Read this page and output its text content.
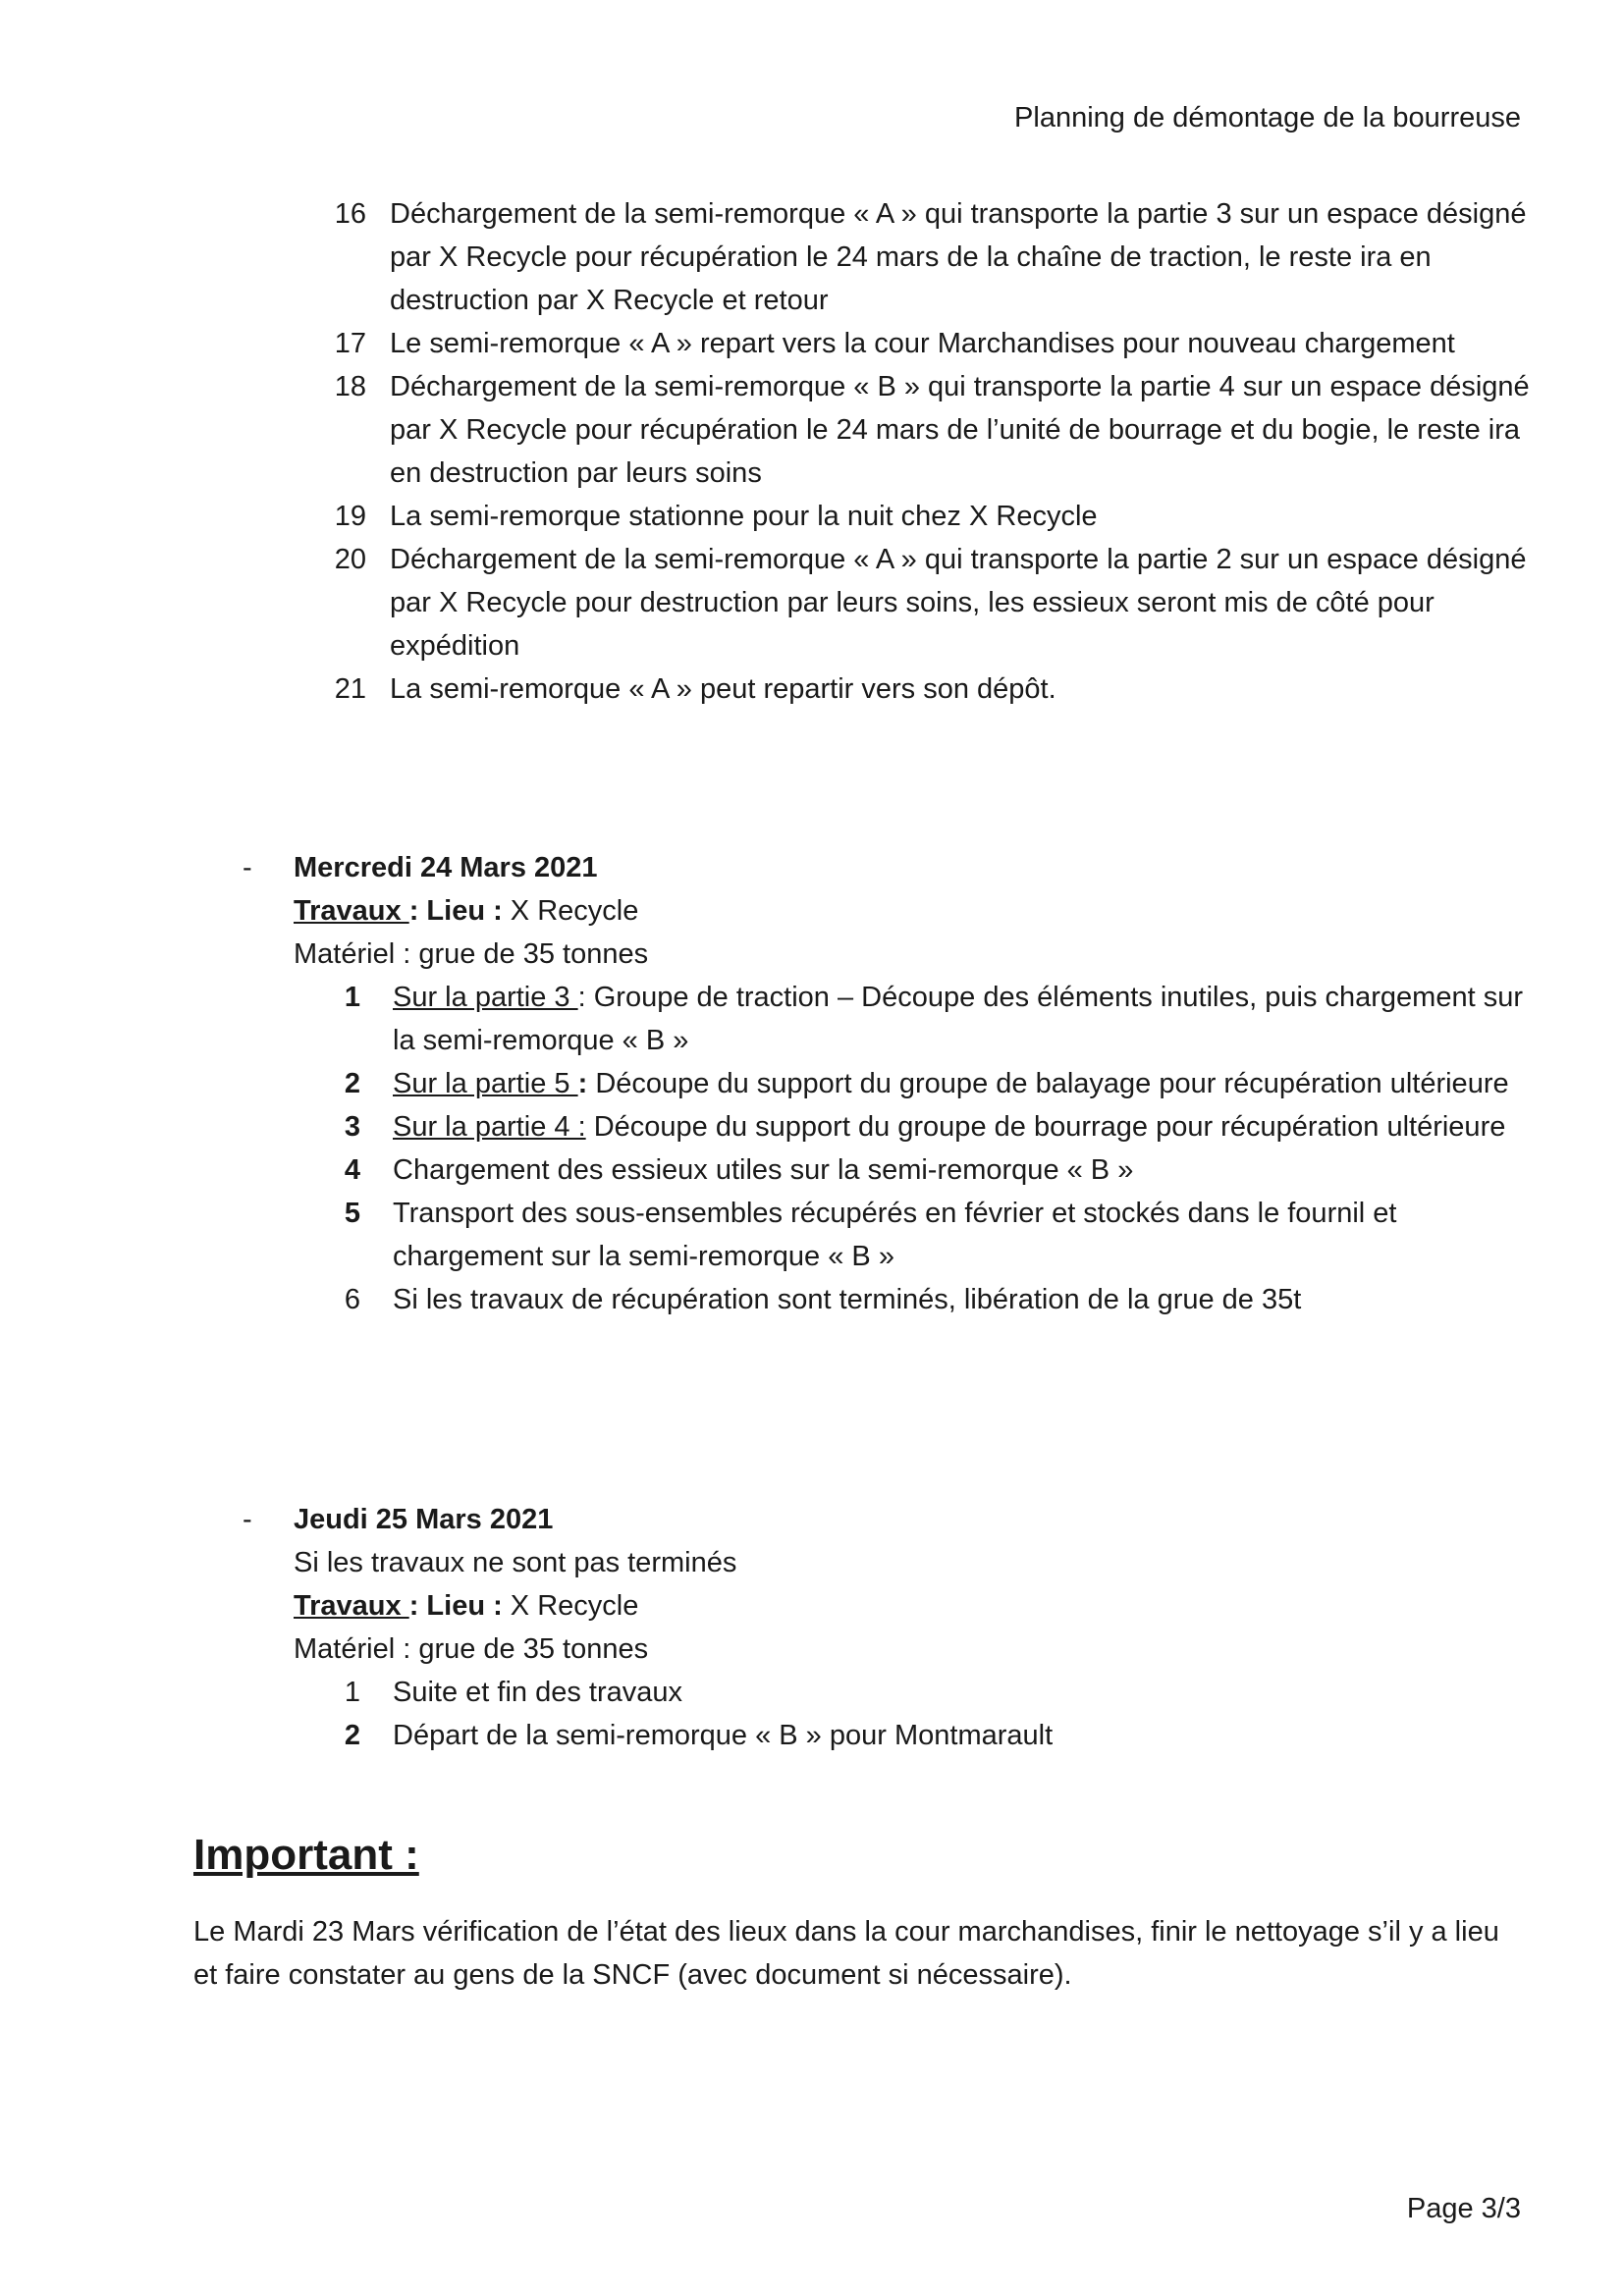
Planning de démontage de la bourreuse
16 Déchargement de la semi-remorque « A » qui transporte la partie 3 sur un espace désigné par X Recycle pour récupération le 24 mars de la chaîne de traction, le reste ira en destruction par X Recycle et retour
17 Le semi-remorque « A » repart vers la cour Marchandises pour nouveau chargement
18 Déchargement de la semi-remorque « B » qui transporte la partie 4 sur un espace désigné par X Recycle pour récupération le 24 mars de l’unité de bourrage et du bogie, le reste ira en destruction par leurs soins
19 La semi-remorque stationne pour la nuit chez X Recycle
20 Déchargement de la semi-remorque « A » qui transporte la partie 2 sur un espace désigné par X Recycle pour destruction par leurs soins, les essieux seront mis de côté pour expédition
21 La semi-remorque « A » peut repartir vers son dépôt.
- Mercredi 24 Mars 2021
Travaux : Lieu : X Recycle
Matériel : grue de 35 tonnes
1 Sur la partie 3 : Groupe de traction – Découpe des éléments inutiles, puis chargement sur la semi-remorque « B »
2 Sur la partie 5 : Découpe du support du groupe de balayage pour récupération ultérieure
3 Sur la partie 4 : Découpe du support du groupe de bourrage pour récupération ultérieure
4 Chargement des essieux utiles sur la semi-remorque « B »
5 Transport des sous-ensembles récupérés en février et stockés dans le fournil et chargement sur la semi-remorque « B »
6 Si les travaux de récupération sont terminés, libération de la grue de 35t
- Jeudi 25 Mars 2021
Si les travaux ne sont pas terminés
Travaux : Lieu : X Recycle
Matériel : grue de 35 tonnes
1 Suite et fin des travaux
2 Départ de la semi-remorque « B » pour Montmarault
Important :
Le Mardi 23 Mars vérification de l’état des lieux dans la cour marchandises, finir le nettoyage s’il y a lieu et faire constater au gens de la SNCF (avec document si nécessaire).
Page 3/3
